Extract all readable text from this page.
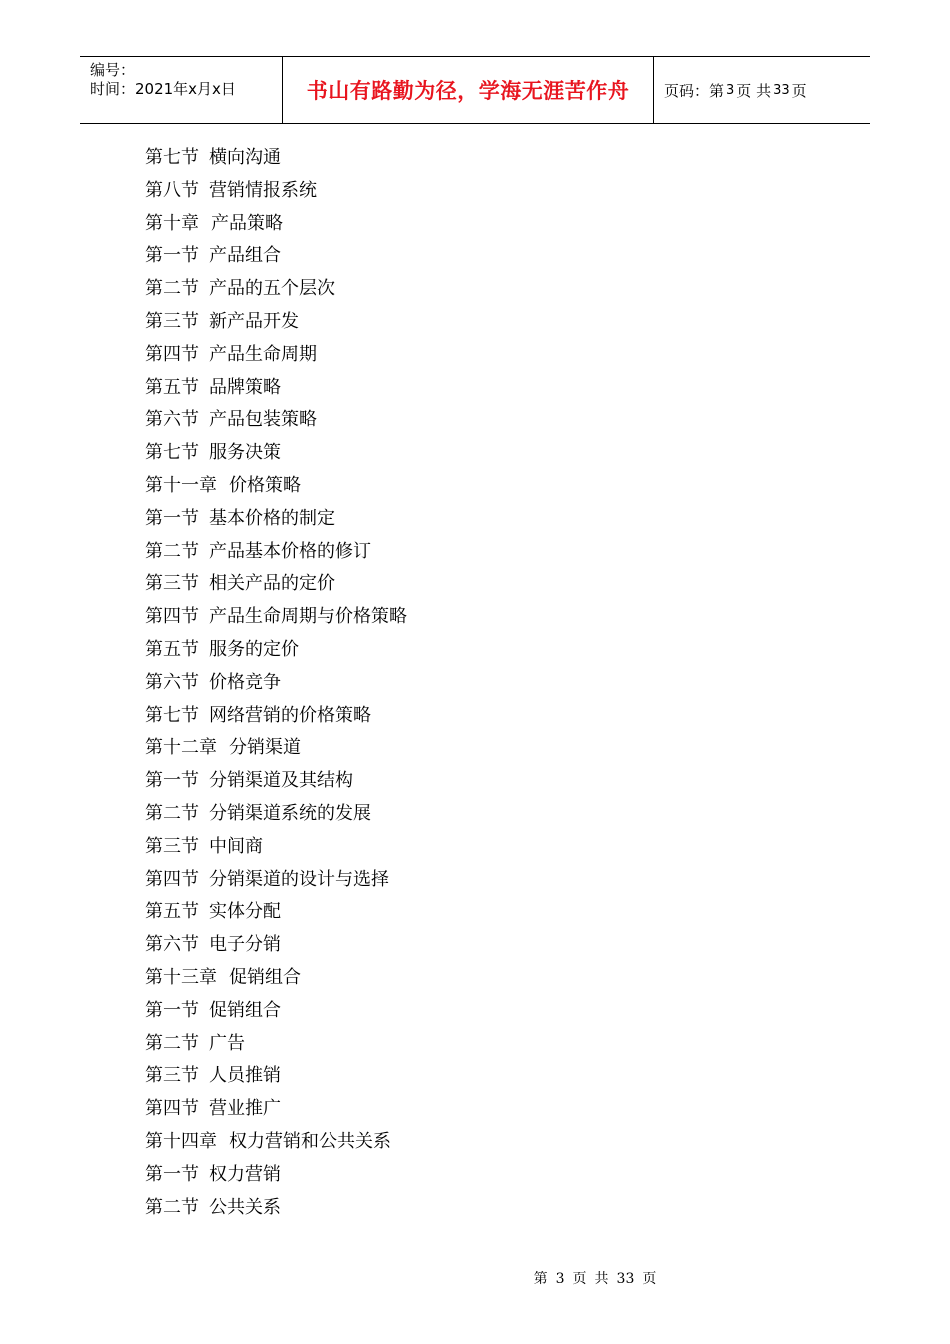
编号：
时间：2021年x月x日	书山有路勤为径，学海无涯苦作舟	页码：第 3 页 共 33 页
第七节 横向沟通
第八节 营销情报系统
第十章 产品策略
第一节 产品组合
第二节 产品的五个层次
第三节 新产品开发
第四节 产品生命周期
第五节 品牌策略
第六节 产品包装策略
第七节 服务决策
第十一章 价格策略
第一节 基本价格的制定
第二节 产品基本价格的修订
第三节 相关产品的定价
第四节 产品生命周期与价格策略
第五节 服务的定价
第六节 价格竞争
第七节 网络营销的价格策略
第十二章 分销渠道
第一节 分销渠道及其结构
第二节 分销渠道系统的发展
第三节 中间商
第四节 分销渠道的设计与选择
第五节 实体分配
第六节 电子分销
第十三章 促销组合
第一节 促销组合
第二节 广告
第三节 人员推销
第四节 营业推广
第十四章 权力营销和公共关系
第一节 权力营销
第二节 公共关系
第 3 页 共 33 页
